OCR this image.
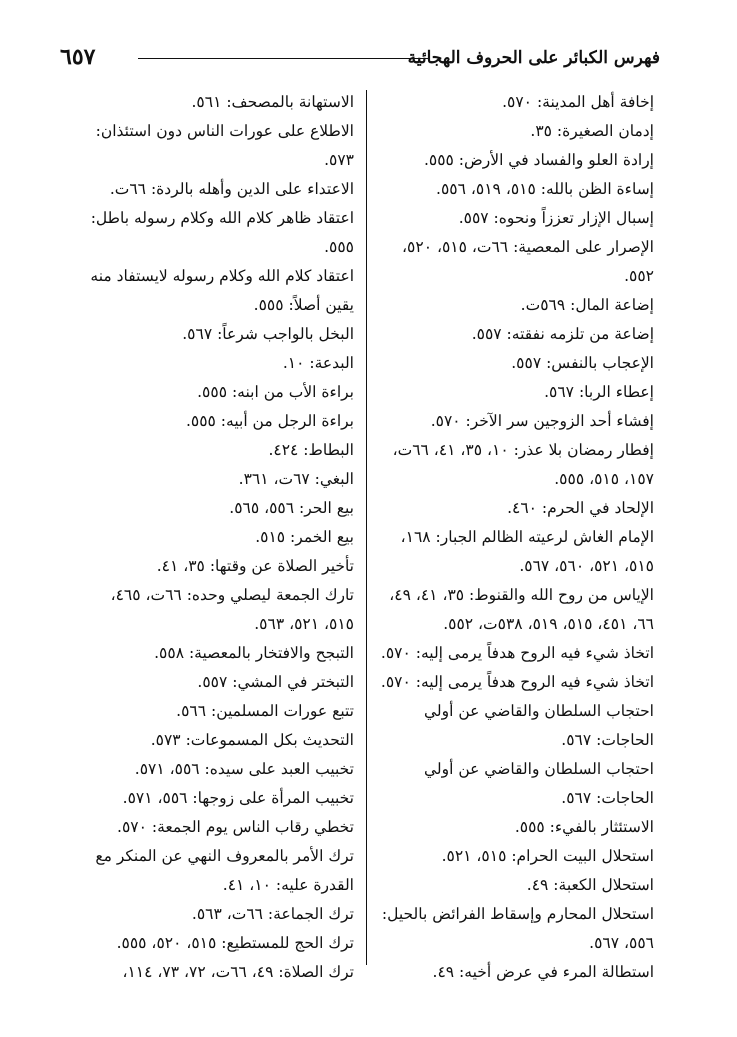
فهرس الكبائر على الحروف الهجائية
٦٥٧

إخافة أهل المدينة: ٥٧٠.

إدمان الصغيرة: ٣٥.

إرادة العلو والفساد في الأرض: ٥٥٥.

إساءة الظن بالله: ٥١٥، ٥١٩، ٥٥٦.

إسبال الإزار تعززاً ونحوه: ٥٥٧.

الإصرار على المعصية: ٦٦ت، ٥١٥، ٥٢٠، ٥٥٢.

إضاعة المال: ٥٦٩ت.

إضاعة من تلزمه نفقته: ٥٥٧.

الإعجاب بالنفس: ٥٥٧.

إعطاء الربا: ٥٦٧.

إفشاء أحد الزوجين سر الآخر: ٥٧٠.

إفطار رمضان بلا عذر: ١٠، ٣٥، ٤١، ٦٦ت، ١٥٧، ٥١٥، ٥٥٥.

الإلحاد في الحرم: ٤٦٠.

الإمام الغاش لرعيته الظالم الجبار: ١٦٨، ٥١٥، ٥٢١، ٥٦٠، ٥٦٧.

الإياس من روح الله والقنوط: ٣٥، ٤١، ٤٩، ٦٦، ٤٥١، ٥١٥، ٥١٩، ٥٣٨ت، ٥٥٢.

اتخاذ شيء فيه الروح هدفاً يرمى إليه: ٥٧٠.

اتخاذ شيء فيه الروح هدفاً يرمى إليه: ٥٧٠.

احتجاب السلطان والقاضي عن أولي الحاجات: ٥٦٧.

احتجاب السلطان والقاضي عن أولي الحاجات: ٥٦٧.

الاستئثار بالفيء: ٥٥٥.

استحلال البيت الحرام: ٥١٥، ٥٢١.

استحلال الكعبة: ٤٩.

استحلال المحارم وإسقاط الفرائض بالحيل: ٥٥٦، ٥٦٧.

استطالة المرء في عرض أخيه: ٤٩.

الاستهانة بالمصحف: ٥٦١.

الاطلاع على عورات الناس دون استئذان: ٥٧٣.

الاعتداء على الدين وأهله بالردة: ٦٦ت.

اعتقاد ظاهر كلام الله وكلام رسوله باطل: ٥٥٥.

اعتقاد كلام الله وكلام رسوله لايستفاد منه يقين أصلاً: ٥٥٥.

البخل بالواجب شرعاً: ٥٦٧.

البدعة: ١٠.

براءة الأب من ابنه: ٥٥٥.

براءة الرجل من أبيه: ٥٥٥.

البطاط: ٤٢٤.

البغي: ٦٧ت، ٣٦١.

بيع الحر: ٥٥٦، ٥٦٥.

بيع الخمر: ٥١٥.

تأخير الصلاة عن وقتها: ٣٥، ٤١.

تارك الجمعة ليصلي وحده: ٦٦ت، ٤٦٥، ٥١٥، ٥٢١، ٥٦٣.

التبجح والافتخار بالمعصية: ٥٥٨.

التبختر في المشي: ٥٥٧.

تتبع عورات المسلمين: ٥٦٦.

التحديث بكل المسموعات: ٥٧٣.

تخبيب العبد على سيده: ٥٥٦، ٥٧١.

تخبيب المرأة على زوجها: ٥٥٦، ٥٧١.

تخطي رقاب الناس يوم الجمعة: ٥٧٠.

ترك الأمر بالمعروف النهي عن المنكر مع القدرة عليه: ١٠، ٤١.

ترك الجماعة: ٦٦ت، ٥٦٣.

ترك الحج للمستطيع: ٥١٥، ٥٢٠، ٥٥٥.

ترك الصلاة: ٤٩، ٦٦ت، ٧٢، ٧٣، ١١٤،
